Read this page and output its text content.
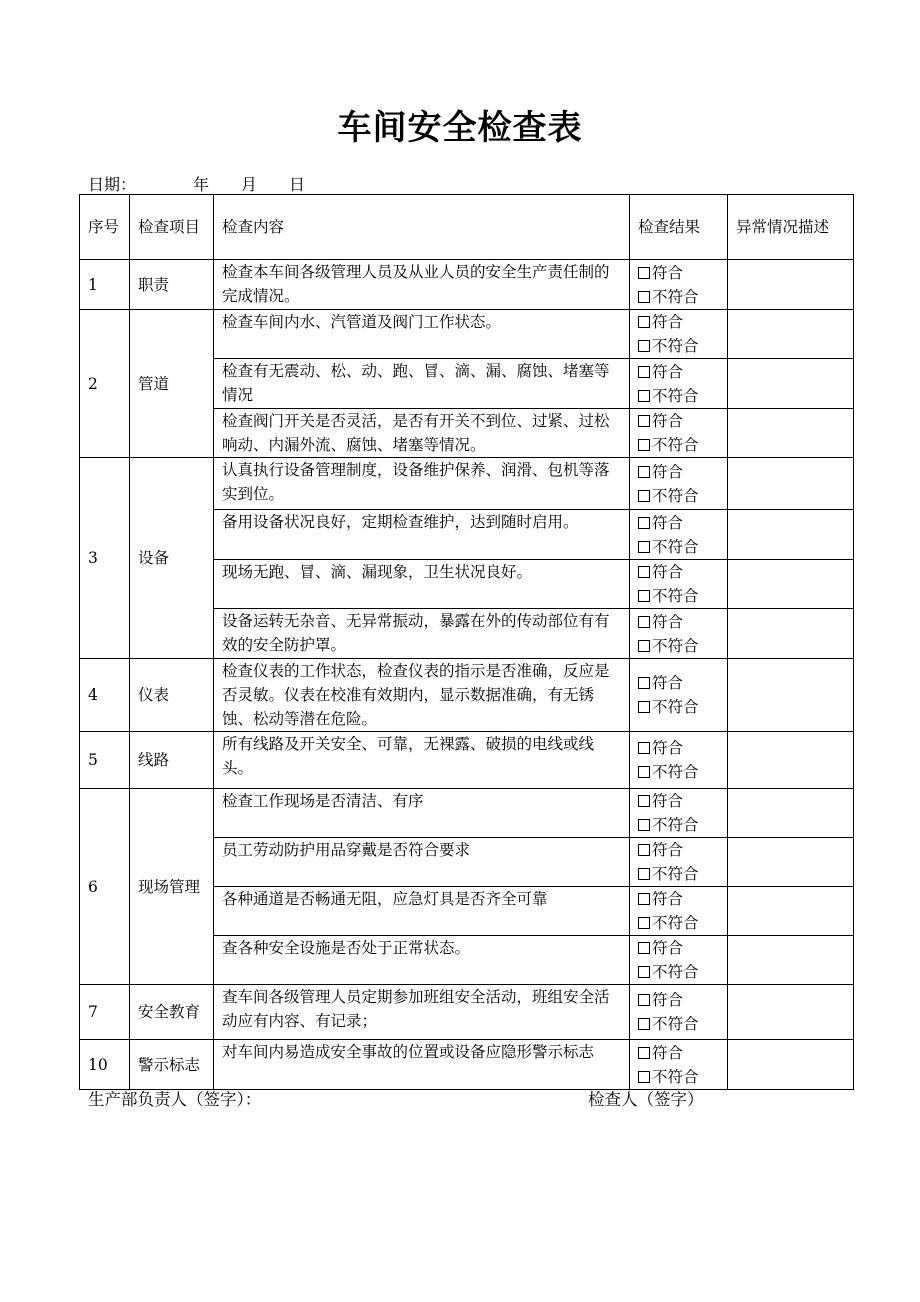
车间安全检查表
日期：	年 月 日
序号	检查项目	检查内容	检查结果	异常情况描述
1	职责	检查本车间各级管理人员及从业人员的安全生产责任制的完成情况。	符合
不符合	

2	管道	检查车间内水、汽管道及阀门工作状态。	符合
不符合	

		检查有无震动、松、动、跑、冒、滴、漏、腐蚀、堵塞等情况	符合
不符合	

		检查阀门开关是否灵活，是否有开关不到位、过紧、过松响动、内漏外流、腐蚀、堵塞等情况。	符合
不符合	

3	设备	认真执行设备管理制度，设备维护保养、润滑、包机等落实到位。	符合
不符合	

		备用设备状况良好，定期检查维护，达到随时启用。	符合
不符合	

		现场无跑、冒、滴、漏现象，卫生状况良好。	符合
不符合	

		设备运转无杂音、无异常振动，暴露在外的传动部位有有效的安全防护罩。	符合
不符合	

4	仪表	检查仪表的工作状态，检查仪表的指示是否准确，反应是否灵敏。仪表在校准有效期内，显示数据准确，有无锈蚀、松动等潜在危险。	符合
不符合	

5	线路	所有线路及开关安全、可靠，无裸露、破损的电线或线头。	符合
不符合	

6	现场管理	检查工作现场是否清洁、有序	符合
不符合	

		员工劳动防护用品穿戴是否符合要求	符合
不符合	

		各种通道是否畅通无阻，应急灯具是否齐全可靠	符合
不符合	

		查各种安全设施是否处于正常状态。	符合
不符合	

7	安全教育	查车间各级管理人员定期参加班组安全活动，班组安全活动应有内容、有记录；	符合
不符合	

10	警示标志	对车间内易造成安全事故的位置或设备应隐形警示标志	符合
不符合	

生产部负责人（签字）：	检查人（签字）
